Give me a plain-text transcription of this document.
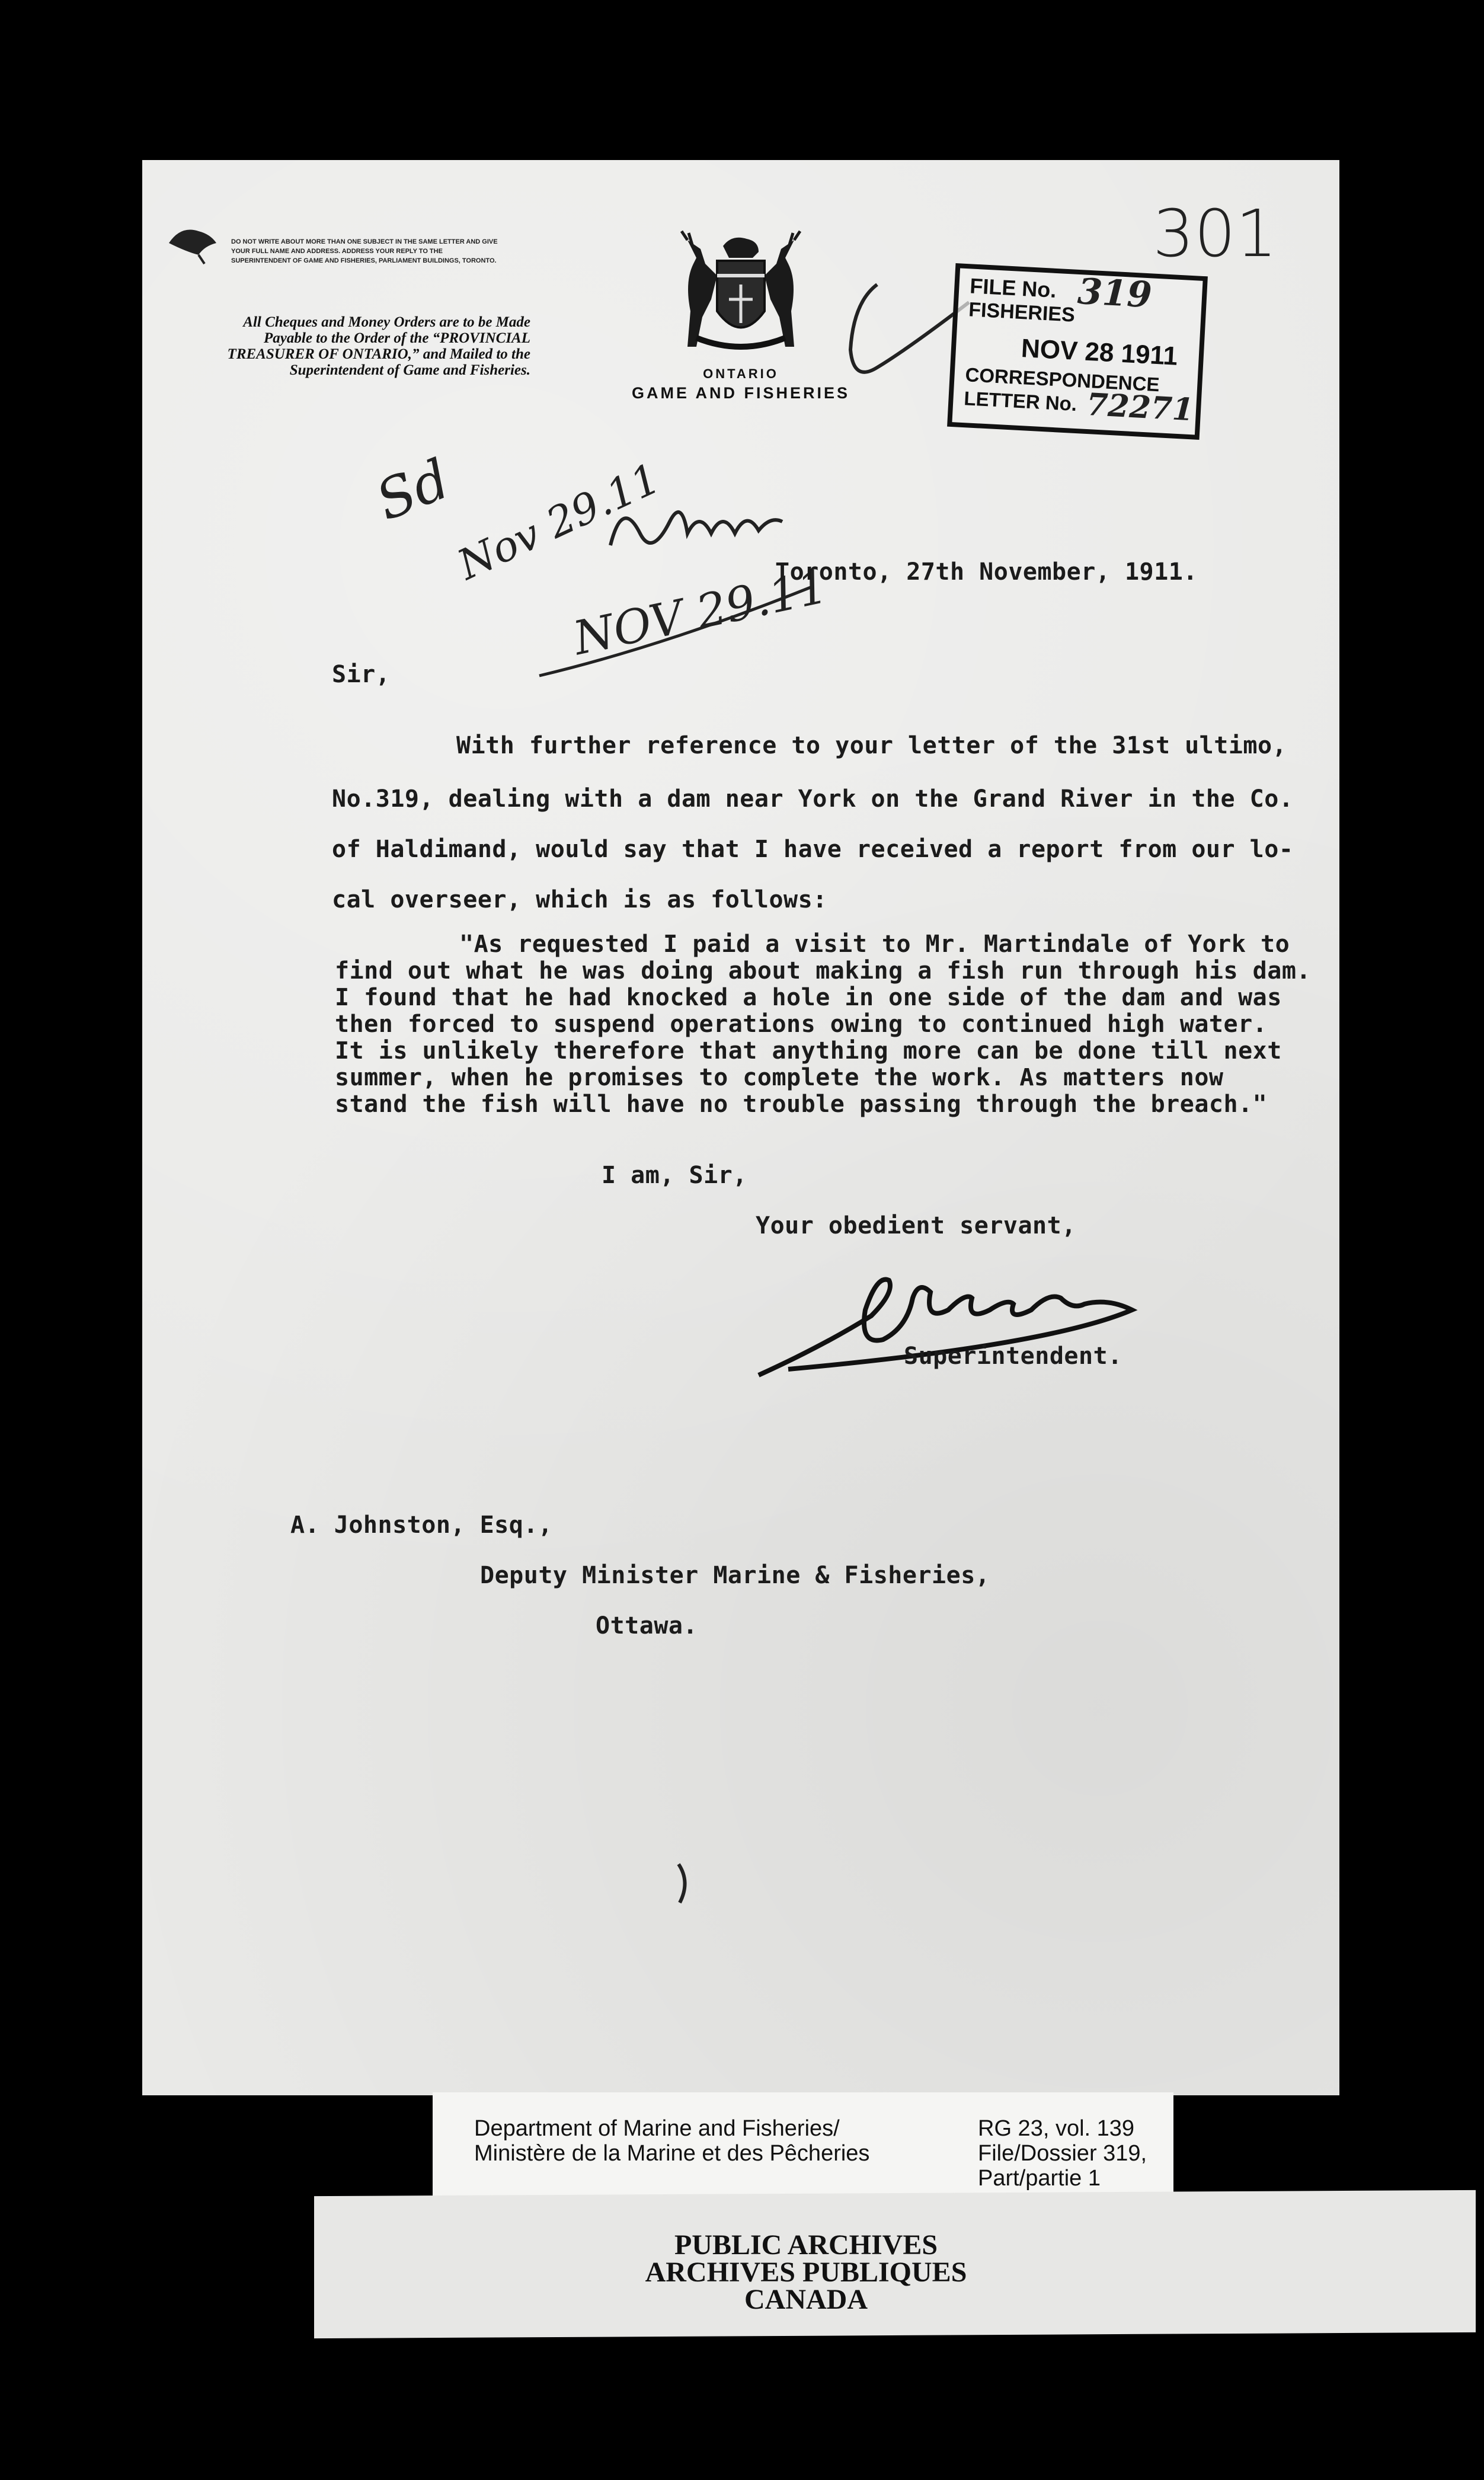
DO NOT WRITE ABOUT MORE THAN ONE SUBJECT IN THE SAME LETTER AND GIVE YOUR FULL NAME AND ADDRESS. ADDRESS YOUR REPLY TO THE SUPERINTENDENT OF GAME AND FISHERIES, PARLIAMENT BUILDINGS, TORONTO.
All Cheques and Money Orders are to be Made Payable to the Order of the “PROVINCIAL TREASURER OF ONTARIO,” and Mailed to the Superintendent of Game and Fisheries.	ONTARIO
GAME AND FISHERIES
301
FILE No. 319
FISHERIES
NOV 28 1911
CORRESPONDENCE
LETTER No. 72271
Sd
Nov 29.11
NOV 29.11
Toronto, 27th November, 1911.
Sir,
With further reference to your letter of the 31st ultimo,
No.319, dealing with a dam near York on the Grand River in the Co.
of Haldimand, would say that I have received a report from our lo-
cal overseer, which is as follows:
"As requested I paid a visit to Mr. Martindale of York to
find out what he was doing about making a fish run through his dam.
I found that he had knocked a hole in one side of the dam and was
then forced to suspend operations owing to continued high water.
It is unlikely therefore that anything more can be done till next
summer, when he promises to complete the work. As matters now
stand the fish will have no trouble passing through the breach."
I am, Sir,
Your obedient servant,
Superintendent.
A. Johnston, Esq.,
Deputy Minister Marine & Fisheries,
Ottawa.
Department of Marine and Fisheries/
Ministère de la Marine et des Pêcheries
RG 23, vol. 139
File/Dossier 319,
Part/partie 1
PUBLIC ARCHIVES
ARCHIVES PUBLIQUES
CANADA
